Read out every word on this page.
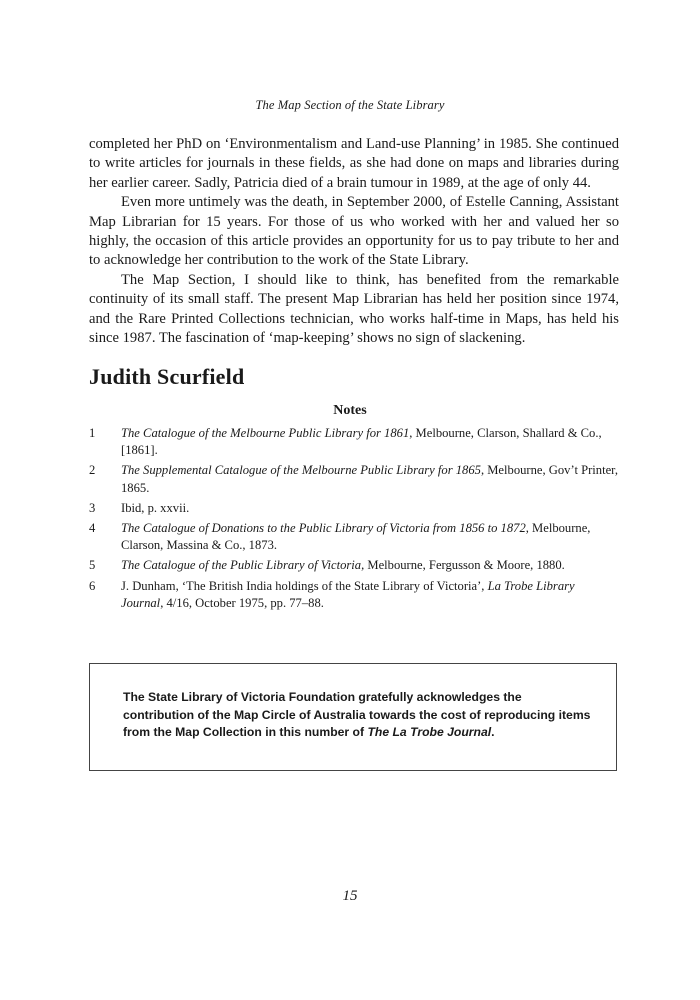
The Map Section of the State Library

completed her PhD on ‘Environmentalism and Land-use Planning’ in 1985. She continued to write articles for journals in these fields, as she had done on maps and libraries during her earlier career. Sadly, Patricia died of a brain tumour in 1989, at the age of only 44.

Even more untimely was the death, in September 2000, of Estelle Canning, Assistant Map Librarian for 15 years. For those of us who worked with her and valued her so highly, the occasion of this article provides an opportunity for us to pay tribute to her and to acknowledge her contribution to the work of the State Library.

The Map Section, I should like to think, has benefited from the remarkable continuity of its small staff. The present Map Librarian has held her position since 1974, and the Rare Printed Collections technician, who works half-time in Maps, has held his since 1987. The fascination of ‘map-keeping’ shows no sign of slackening.

Judith Scurfield
Notes
1	The Catalogue of the Melbourne Public Library for 1861, Melbourne, Clarson, Shallard & Co., [1861].
2	The Supplemental Catalogue of the Melbourne Public Library for 1865, Melbourne, Gov’t Printer, 1865.
3	Ibid, p. xxvii.
4	The Catalogue of Donations to the Public Library of Victoria from 1856 to 1872, Melbourne, Clarson, Massina & Co., 1873.
5	The Catalogue of the Public Library of Victoria, Melbourne, Fergusson & Moore, 1880.
6	J. Dunham, ‘The British India holdings of the State Library of Victoria’, La Trobe Library Journal, 4/16, October 1975, pp. 77–88.
The State Library of Victoria Foundation gratefully acknowledges the contribution of the Map Circle of Australia towards the cost of reproducing items from the Map Collection in this number of The La Trobe Journal.
15
